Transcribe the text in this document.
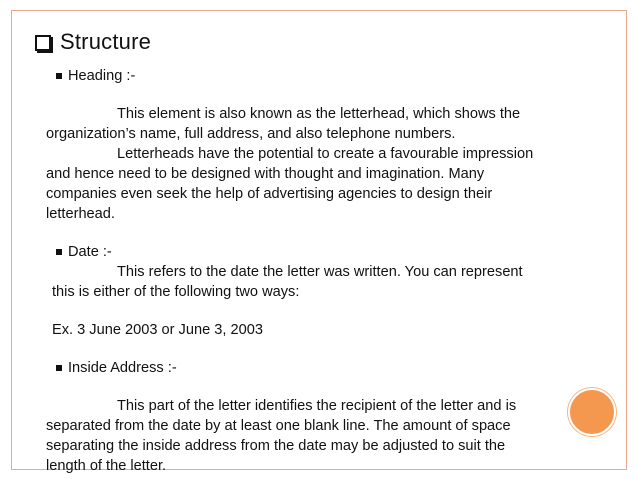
Structure
Heading :-
This element is also known as the letterhead, which shows the
organization’s name, full address, and also telephone numbers.
Letterheads have the potential to create a favourable impression
and hence need to be designed with thought and imagination. Many
companies even seek the help of advertising agencies to design their
letterhead.
Date :-
This refers to the date the letter was written. You can represent
this is either of the following two ways:
Ex. 3 June 2003 or June 3, 2003
Inside Address :-
This part of the letter identifies the recipient of the letter and is
separated from the date by at least one blank line. The amount of space
separating the inside address from the date may be adjusted to suit the
length of the letter.
